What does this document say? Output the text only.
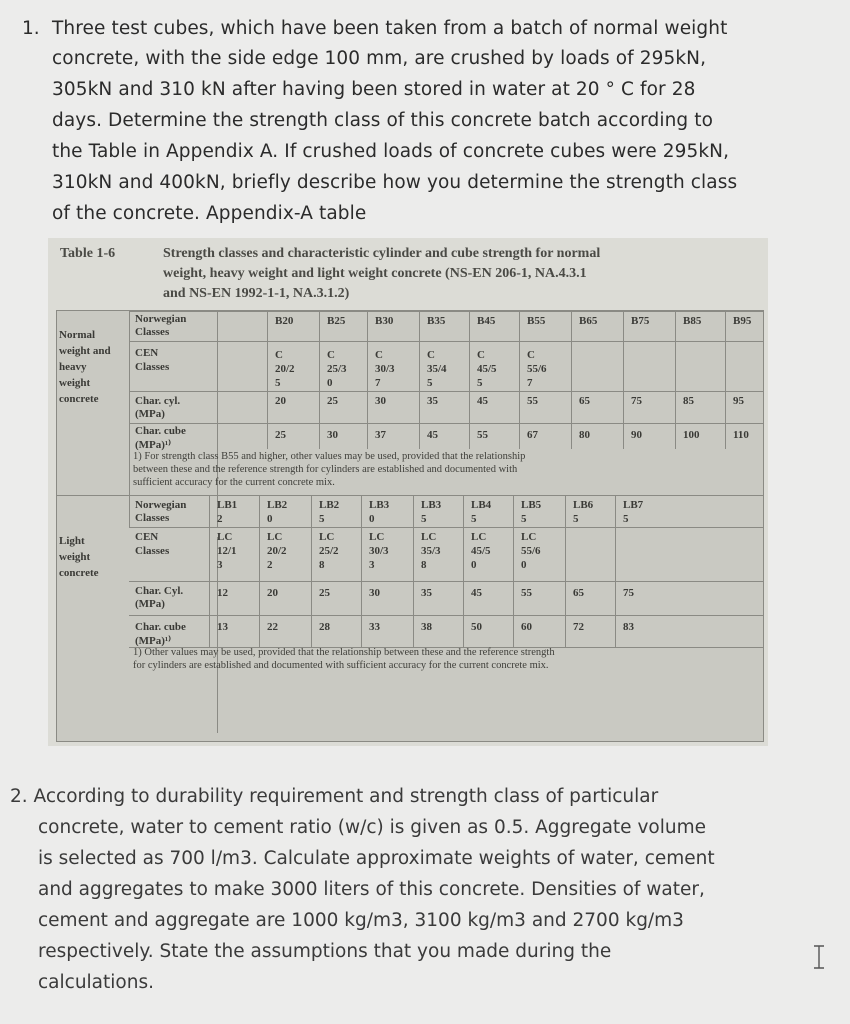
1. Three test cubes, which have been taken from a batch of normal weight
concrete, with the side edge 100 mm, are crushed by loads of 295kN,
305kN and 310 kN after having been stored in water at 20 ° C for 28
days. Determine the strength class of this concrete batch according to
the Table in Appendix A. If crushed loads of concrete cubes were 295kN,
310kN and 400kN, briefly describe how you determine the strength class
of the concrete. Appendix-A table
Table 1-6	Strength classes and characteristic cylinder and cube strength for normal
weight, heavy weight and light weight concrete (NS-EN 206-1, NA.4.3.1
and NS-EN 1992-1-1, NA.3.1.2)
Normal
weight and
heavy
weight
concrete
Norwegian
Classes
CEN
Classes
Char. cyl.
(MPa)
Char. cube
(MPa)¹⁾
B20
C
20/2
5
20
25
B25
C
25/3
0
25
30
B30
C
30/3
7
30
37
B35
C
35/4
5
35
45
B45
C
45/5
5
45
55
B55
C
55/6
7
55
67
B65
65
80
B75
75
90
B85
85
100
B95
95
110
1) For strength class B55 and higher, other values may be used, provided that the relationship
between these and the reference strength for cylinders are established and documented with
sufficient accuracy for the current concrete mix.
Light
weight
concrete
Norwegian
Classes
CEN
Classes
Char. Cyl.
(MPa)
Char. cube
(MPa)¹⁾
LB1
2
LC
12/1
3
12
13
LB2
0
LC
20/2
2
20
22
LB2
5
LC
25/2
8
25
28
LB3
0
LC
30/3
3
30
33
LB3
5
LC
35/3
8
35
38
LB4
5
LC
45/5
0
45
50
LB5
5
LC
55/6
0
55
60
LB6
5
65
72
LB7
5
75
83
1) Other values may be used, provided that the relationship between these and the reference strength
for cylinders are established and documented with sufficient accuracy for the current concrete mix.
2. According to durability requirement and strength class of particular
concrete, water to cement ratio (w/c) is given as 0.5. Aggregate volume
is selected as 700 l/m3. Calculate approximate weights of water, cement
and aggregates to make 3000 liters of this concrete. Densities of water,
cement and aggregate are 1000 kg/m3, 3100 kg/m3 and 2700 kg/m3
respectively. State the assumptions that you made during the
calculations.
